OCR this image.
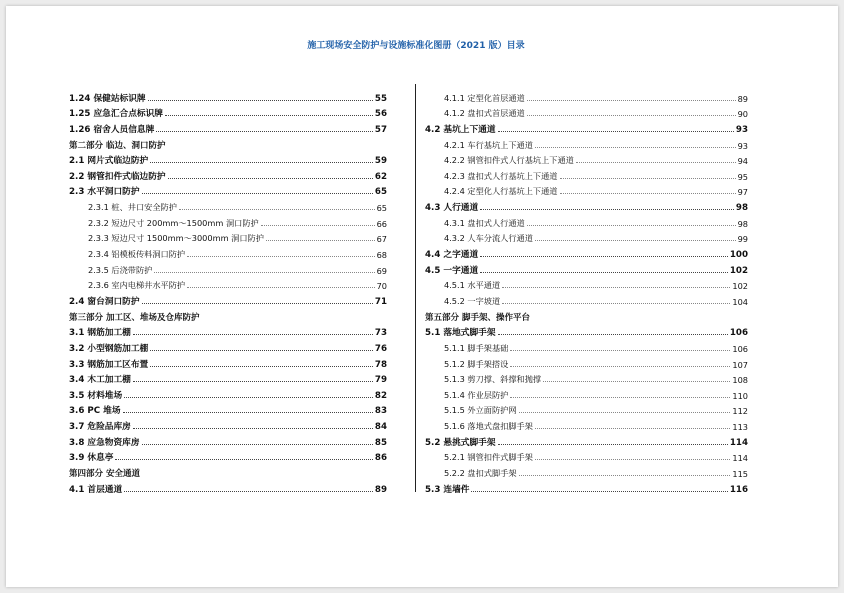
施工现场安全防护与设施标准化图册（2021 版）目录
1.24 保健站标识牌	55
1.25 应急汇合点标识牌	56
1.26 宿舍人员信息牌	57
第二部分 临边、洞口防护
2.1 网片式临边防护	59
2.2 钢管扣件式临边防护	62
2.3 水平洞口防护	65
2.3.1 桩、井口安全防护	65
2.3.2 短边尺寸 200mm～1500mm 洞口防护	66
2.3.3 短边尺寸 1500mm～3000mm 洞口防护	67
2.3.4 铝模板传料洞口防护	68
2.3.5 后浇带防护	69
2.3.6 室内电梯井水平防护	70
2.4 窗台洞口防护	71
第三部分 加工区、堆场及仓库防护
3.1 钢筋加工棚	73
3.2 小型钢筋加工棚	76
3.3 钢筋加工区布置	78
3.4 木工加工棚	79
3.5 材料堆场	82
3.6 PC 堆场	83
3.7 危险品库房	84
3.8 应急物资库房	85
3.9 休息亭	86
第四部分 安全通道
4.1 首层通道	89
4.1.1 定型化首层通道	89
4.1.2 盘扣式首层通道	90
4.2 基坑上下通道	93
4.2.1 车行基坑上下通道	93
4.2.2 钢管扣件式人行基坑上下通道	94
4.2.3 盘扣式人行基坑上下通道	95
4.2.4 定型化人行基坑上下通道	97
4.3 人行通道	98
4.3.1 盘扣式人行通道	98
4.3.2 人车分流人行通道	99
4.4 之字通道	100
4.5 一字通道	102
4.5.1 水平通道	102
4.5.2 一字坡道	104
第五部分 脚手架、操作平台
5.1 落地式脚手架	106
5.1.1 脚手架基础	106
5.1.2 脚手架搭设	107
5.1.3 剪刀撑、斜撑和抛撑	108
5.1.4 作业层防护	110
5.1.5 外立面防护网	112
5.1.6 落地式盘扣脚手架	113
5.2 悬挑式脚手架	114
5.2.1 钢管扣件式脚手架	114
5.2.2 盘扣式脚手架	115
5.3 连墙件	116
